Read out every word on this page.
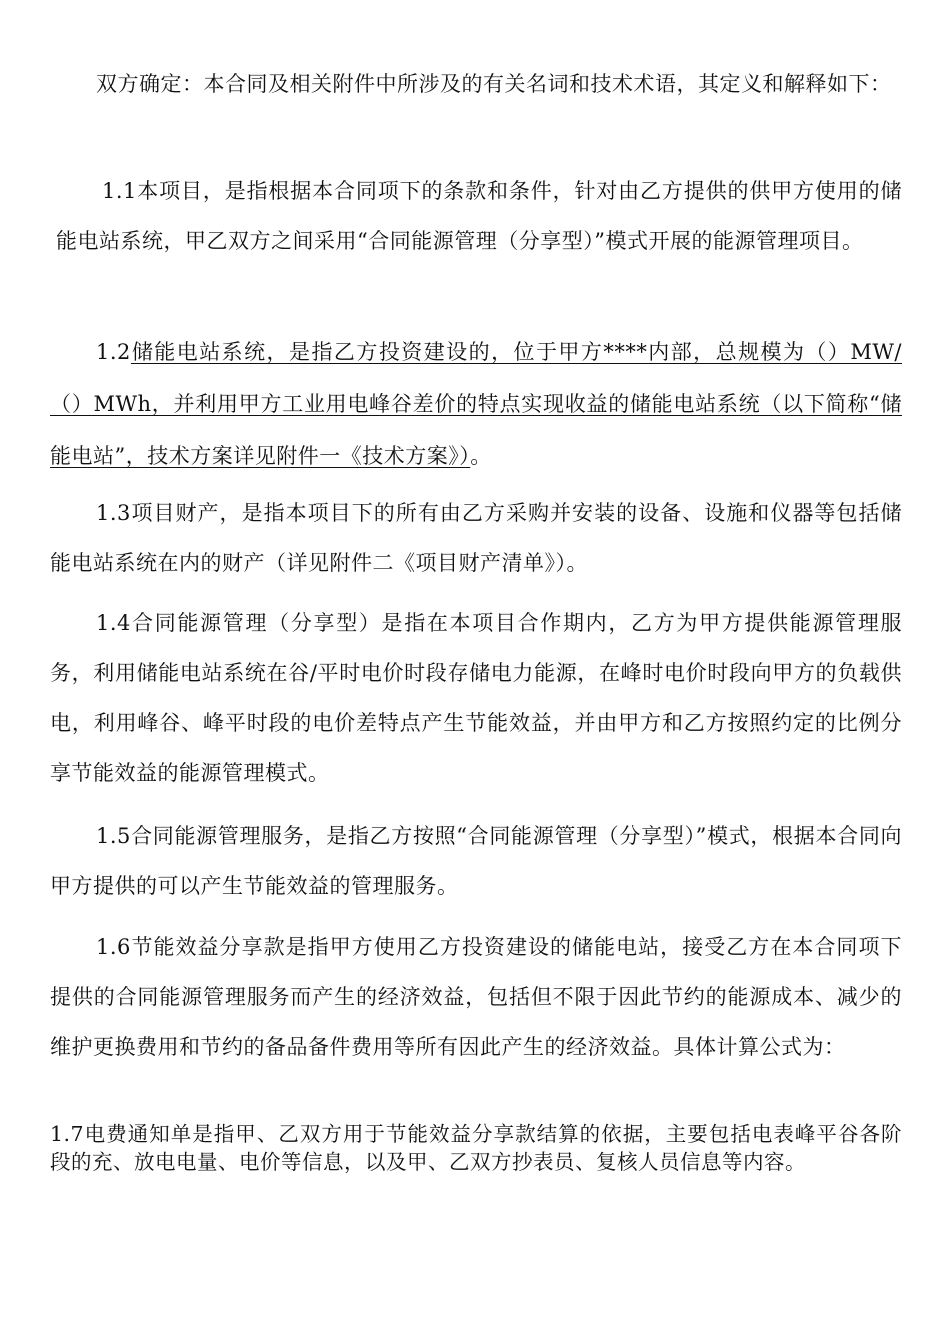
双方确定：本合同及相关附件中所涉及的有关名词和技术术语，其定义和解释如下：

1.1本项目，是指根据本合同项下的条款和条件，针对由乙方提供的供甲方使用的储能电站系统，甲乙双方之间采用“合同能源管理（分享型）”模式开展的能源管理项目。

1.2储能电站系统，是指乙方投资建设的，位于甲方****内部，总规模为（）MW/（）MWh，并利用甲方工业用电峰谷差价的特点实现收益的储能电站系统（以下简称“储能电站”，技术方案详见附件一《技术方案》）。

1.3项目财产，是指本项目下的所有由乙方采购并安装的设备、设施和仪器等包括储能电站系统在内的财产（详见附件二《项目财产清单》）。

1.4合同能源管理（分享型）是指在本项目合作期内，乙方为甲方提供能源管理服务，利用储能电站系统在谷/平时电价时段存储电力能源，在峰时电价时段向甲方的负载供电，利用峰谷、峰平时段的电价差特点产生节能效益，并由甲方和乙方按照约定的比例分享节能效益的能源管理模式。

1.5合同能源管理服务，是指乙方按照“合同能源管理（分享型）”模式，根据本合同向甲方提供的可以产生节能效益的管理服务。

1.6节能效益分享款是指甲方使用乙方投资建设的储能电站，接受乙方在本合同项下提供的合同能源管理服务而产生的经济效益，包括但不限于因此节约的能源成本、减少的维护更换费用和节约的备品备件费用等所有因此产生的经济效益。具体计算公式为：

1.7电费通知单是指甲、乙双方用于节能效益分享款结算的依据，主要包括电表峰平谷各阶段的充、放电电量、电价等信息，以及甲、乙双方抄表员、复核人员信息等内容。
